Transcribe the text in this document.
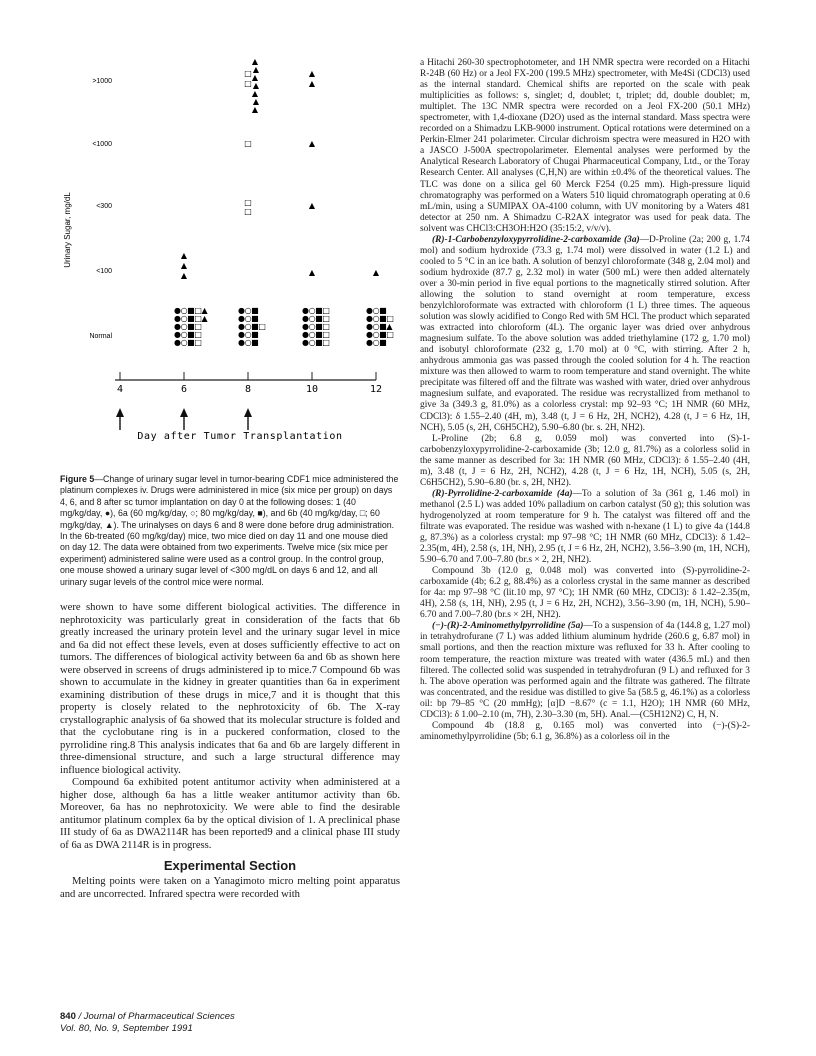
4	6	8	10	12
>1000
<1000
<300
<100
Normal
Urinary Sugar, mg/dL
Day after Tumor Transplantation
●○■□▲
●○■□▲
●○■□
●○■□
●○■□
●○■
●○■
●○■□
●○■
●○■
●○■□
●○■□
●○■□
●○■□
●○■□
●○■
●○■□
●○■▲
●○■□
●○■
□
□
▲
▲
▲
▲
▲
▲
▲
▲
▲
□	▲
□
□
▲
▲
▲
▲	▲	▲
Figure 5—Change of urinary sugar level in tumor-bearing CDF1 mice administered the platinum complexes iv. Drugs were administered in mice (six mice per group) on days 4, 6, and 8 after sc tumor implantation on day 0 at the following doses: 1 (40 mg/kg/day, ●), 6a (60 mg/kg/day, ○; 80 mg/kg/day, ■), and 6b (40 mg/kg/day, □; 60 mg/kg/day, ▲). The urinalyses on days 6 and 8 were done before drug administration. In the 6b-treated (60 mg/kg/day) mice, two mice died on day 11 and one mouse died on day 12. The data were obtained from two experiments. Twelve mice (six mice per experiment) administered saline were used as a control group. In the control group, one mouse showed a urinary sugar level of <300 mg/dL on days 6 and 12, and all urinary sugar levels of the control mice were normal.

were shown to have some different biological activities. The difference in nephrotoxicity was particularly great in consideration of the facts that 6b greatly increased the urinary protein level and the urinary sugar level in mice and 6a did not effect these levels, even at doses sufficiently effective to act on tumors. The differences of biological activity between 6a and 6b as shown here were observed in screens of drugs administered ip to mice.7 Compound 6b was shown to accumulate in the kidney in greater quantities than 6a in experiment examining distribution of these drugs in mice,7 and it is thought that this property is closely related to the nephrotoxicity of 6b. The X-ray crystallographic analysis of 6a showed that its molecular structure is folded and that the cyclobutane ring is in a puckered conformation, closed to the pyrrolidine ring.8 This analysis indicates that 6a and 6b are largely different in three-dimensional structure, and such a large structural difference may influence biological activity.

Compound 6a exhibited potent antitumor activity when administered at a higher dose, although 6a has a little weaker antitumor activity than 6b. Moreover, 6a has no nephrotoxicity. We were able to find the desirable antitumor platinum complex 6a by the optical division of 1. A preclinical phase III study of 6a as DWA2114R has been reported9 and a clinical phase III study of 6a as DWA 2114R is in progress.

Experimental Section

Melting points were taken on a Yanagimoto micro melting point apparatus and are uncorrected. Infrared spectra were recorded with

a Hitachi 260-30 spectrophotometer, and 1H NMR spectra were recorded on a Hitachi R-24B (60 Hz) or a Jeol FX-200 (199.5 MHz) spectrometer, with Me4Si (CDCl3) used as the internal standard. Chemical shifts are reported on the scale with peak multiplicities as follows: s, singlet; d, doublet; t, triplet; dd, double doublet; m, multiplet. The 13C NMR spectra were recorded on a Jeol FX-200 (50.1 MHz) spectrometer, with 1,4-dioxane (D2O) used as the internal standard. Mass spectra were recorded on a Shimadzu LKB-9000 instrument. Optical rotations were determined on a Perkin-Elmer 241 polarimeter. Circular dichroism spectra were measured in H2O with a JASCO J-500A spectropolarimeter. Elemental analyses were performed by the Analytical Research Laboratory of Chugai Pharmaceutical Company, Ltd., or the Toray Research Center. All analyses (C,H,N) are within ±0.4% of the theoretical values. The TLC was done on a silica gel 60 Merck F254 (0.25 mm). High-pressure liquid chromatography was performed on a Waters 510 liquid chromatograph operating at 0.6 mL/min, using a SUMIPAX OA-4100 column, with UV monitoring by a Waters 481 detector at 250 nm. A Shimadzu C-R2AX integrator was used for peak data. The solvent was CHCl3:CH3OH:H2O (35:15:2, v/v/v).

(R)-1-Carbobenzyloxypyrrolidine-2-carboxamide (3a)—D-Proline (2a; 200 g, 1.74 mol) and sodium hydroxide (73.3 g, 1.74 mol) were dissolved in water (1.2 L) and cooled to 5 °C in an ice bath. A solution of benzyl chloroformate (348 g, 2.04 mol) and sodium hydroxide (87.7 g, 2.32 mol) in water (500 mL) were then added alternately over a 30-min period in five equal portions to the magnetically stirred solution. After allowing the solution to stand overnight at room temperature, excess benzylchloroformate was extracted with chloroform (1 L) three times. The aqueous solution was slowly acidified to Congo Red with 5M HCl. The product which separated was extracted into chloroform (4L). The organic layer was dried over anhydrous magnesium sulfate. To the above solution was added triethylamine (172 g, 1.70 mol) and isobutyl chloroformate (232 g, 1.70 mol) at 0 °C, with stirring. After 2 h, anhydrous ammonia gas was passed through the cooled solution for 4 h. The reaction mixture was then allowed to warm to room temperature and stand overnight. The white precipitate was filtered off and the filtrate was washed with water, dried over anhydrous magnesium sulfate, and evaporated. The residue was recrystallized from methanol to give 3a (349.3 g, 81.0%) as a colorless crystal: mp 92–93 °C; 1H NMR (60 MHz, CDCl3): δ 1.55–2.40 (4H, m), 3.48 (t, J = 6 Hz, 2H, NCH2), 4.28 (t, J = 6 Hz, 1H, NCH), 5.05 (s, 2H, C6H5CH2), 5.90–6.80 (br. s. 2H, NH2).

L-Proline (2b; 6.8 g, 0.059 mol) was converted into (S)-1-carbobenzyloxypyrrolidine-2-carboxamide (3b; 12.0 g, 81.7%) as a colorless solid in the same manner as described for 3a: 1H NMR (60 MHz, CDCl3): δ 1.55–2.40 (4H, m), 3.48 (t, J = 6 Hz, 2H, NCH2), 4.28 (t, J = 6 Hz, 1H, NCH), 5.05 (s, 2H, C6H5CH2), 5.90–6.80 (br. s, 2H, NH2).

(R)-Pyrrolidine-2-carboxamide (4a)—To a solution of 3a (361 g, 1.46 mol) in methanol (2.5 L) was added 10% palladium on carbon catalyst (50 g); this solution was hydrogenolyzed at room temperature for 9 h. The catalyst was filtered off and the filtrate was evaporated. The residue was washed with n-hexane (1 L) to give 4a (144.8 g, 87.3%) as a colorless crystal: mp 97–98 °C; 1H NMR (60 MHz, CDCl3): δ 1.42–2.35(m, 4H), 2.58 (s, 1H, NH), 2.95 (t, J = 6 Hz, 2H, NCH2), 3.56–3.90 (m, 1H, NCH), 5.90–6.70 and 7.00–7.80 (br.s × 2, 2H, NH2).

Compound 3b (12.0 g, 0.048 mol) was converted into (S)-pyrrolidine-2-carboxamide (4b; 6.2 g, 88.4%) as a colorless crystal in the same manner as described for 4a: mp 97–98 °C (lit.10 mp, 97 °C); 1H NMR (60 MHz, CDCl3): δ 1.42–2.35(m, 4H), 2.58 (s, 1H, NH), 2.95 (t, J = 6 Hz, 2H, NCH2), 3.56–3.90 (m, 1H, NCH), 5.90–6.70 and 7.00–7.80 (br.s × 2H, NH2).

(−)-(R)-2-Aminomethylpyrrolidine (5a)—To a suspension of 4a (144.8 g, 1.27 mol) in tetrahydrofurane (7 L) was added lithium aluminum hydride (260.6 g, 6.87 mol) in small portions, and then the reaction mixture was refluxed for 33 h. After cooling to room temperature, the reaction mixture was treated with water (436.5 mL) and then filtered. The collected solid was suspended in tetrahydrofuran (9 L) and refluxed for 3 h. The above operation was performed again and the filtrate was gathered. The filtrate was concentrated, and the residue was distilled to give 5a (58.5 g, 46.1%) as a colorless oil: bp 79–85 °C (20 mmHg); [α]D −8.67° (c = 1.1, H2O); 1H NMR (60 MHz, CDCl3): δ 1.00–2.10 (m, 7H), 2.30–3.30 (m, 5H). Anal.—(C5H12N2) C, H, N.

Compound 4b (18.8 g, 0.165 mol) was converted into (−)-(S)-2-aminomethylpyrrolidine (5b; 6.1 g, 36.8%) as a colorless oil in the

840 / Journal of Pharmaceutical Sciences
Vol. 80, No. 9, September 1991
